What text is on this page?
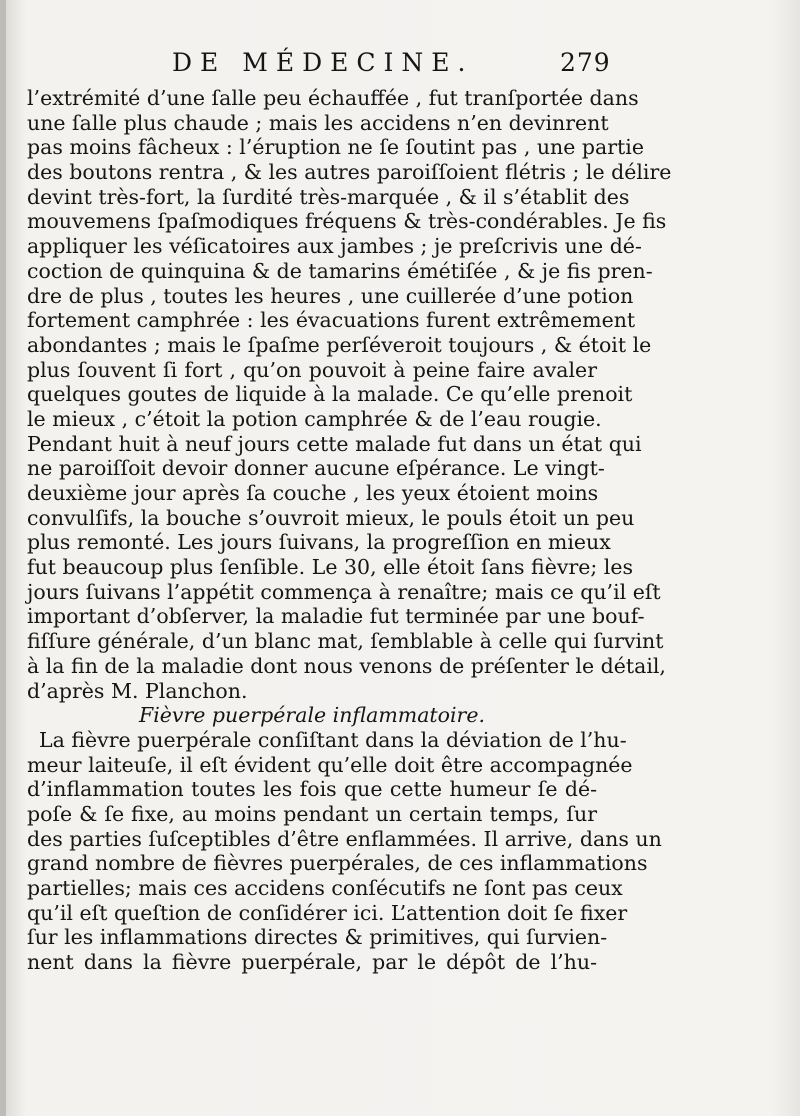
DE MÉDECINE.	279
l’extrémité d’une ſalle peu échauffée , fut tranſportée dans
une ſalle plus chaude ; mais les accidens n’en devinrent
pas moins fâcheux : l’éruption ne ſe ſoutint pas , une partie
des boutons rentra , & les autres paroiſſoient flétris ; le délire
devint très-fort, la ſurdité très-marquée , & il s’établit des
mouvemens ſpaſmodiques fréquens & très-condérables. Je fis
appliquer les véſicatoires aux jambes ; je preſcrivis une dé-
coction de quinquina & de tamarins émétiſée , & je fis pren-
dre de plus , toutes les heures , une cuillerée d’une potion
fortement camphrée : les évacuations furent extrêmement
abondantes ; mais le ſpaſme perſéveroit toujours , & étoit le
plus ſouvent ſi fort , qu’on pouvoit à peine faire avaler
quelques goutes de liquide à la malade. Ce qu’elle prenoit
le mieux , c’étoit la potion camphrée & de l’eau rougie.
Pendant huit à neuf jours cette malade fut dans un état qui
ne paroiſſoit devoir donner aucune eſpérance. Le vingt-
deuxième jour après ſa couche , les yeux étoient moins
convulſifs, la bouche s’ouvroit mieux, le pouls étoit un peu
plus remonté. Les jours ſuivans, la progreſſion en mieux
fut beaucoup plus ſenſible. Le 30, elle étoit ſans fièvre; les
jours ſuivans l’appétit commença à renaître; mais ce qu’il eſt
important d’obſerver, la maladie fut terminée par une bouf-
fiſſure générale, d’un blanc mat, ſemblable à celle qui ſurvint
à la fin de la maladie dont nous venons de préſenter le détail,
d’après M. Planchon.
Fièvre puerpérale inflammatoire.
La fièvre puerpérale conſiſtant dans la déviation de l’hu-
meur laiteuſe, il eſt évident qu’elle doit être accompagnée
d’inflammation toutes les fois que cette humeur ſe dé-
poſe & ſe fixe, au moins pendant un certain temps, ſur
des parties ſuſceptibles d’être enflammées. Il arrive, dans un
grand nombre de fièvres puerpérales, de ces inflammations
partielles; mais ces accidens conſécutifs ne ſont pas ceux
qu’il eſt queſtion de conſidérer ici. L’attention doit ſe fixer
ſur les inflammations directes & primitives, qui ſurvien-
nent dans la fièvre puerpérale, par le dépôt de l’hu-
